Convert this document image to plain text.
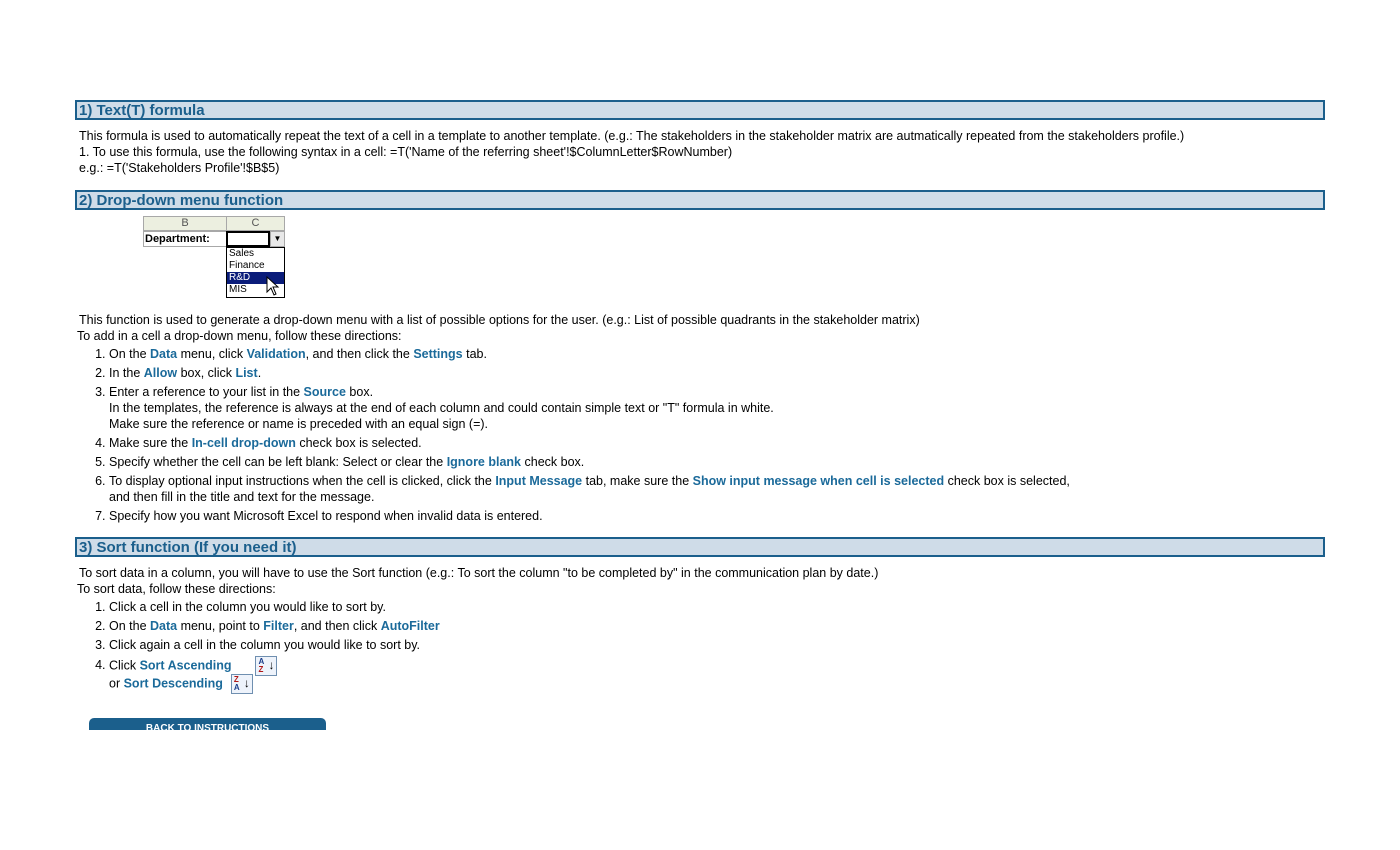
1) Text(T) formula
This formula is used to automatically repeat the text of a cell in a template to another template. (e.g.: The stakeholders in the stakeholder matrix are autmatically repeated from the stakeholders profile.)
1. To use this formula, use the following syntax in a cell: =T('Name of the referring sheet'!$ColumnLetter$RowNumber)
e.g.: =T('Stakeholders Profile'!$B$5)
2) Drop-down menu function
B	C
Department:	▼
Sales
Finance
R&D
MIS
This function is used to generate a drop-down menu with a list of possible options for the user. (e.g.: List of possible quadrants in the stakeholder matrix)
To add in a cell a drop-down menu, follow these directions:
1. On the Data menu, click Validation, and then click the Settings tab.
2. In the Allow box, click List.
3. Enter a reference to your list in the Source box.
In the templates, the reference is always at the end of each column and could contain simple text or "T" formula in white.
Make sure the reference or name is preceded with an equal sign (=).
4. Make sure the In-cell drop-down check box is selected.
5. Specify whether the cell can be left blank: Select or clear the Ignore blank check box.
6. To display optional input instructions when the cell is clicked, click the Input Message tab, make sure the Show input message when cell is selected check box is selected,
and then fill in the title and text for the message.
7. Specify how you want Microsoft Excel to respond when invalid data is entered.
3) Sort function (If you need it)
To sort data in a column, you will have to use the Sort function (e.g.: To sort the column "to be completed by" in the communication plan by date.)
To sort data, follow these directions:
1. Click a cell in the column you would like to sort by.
2. On the Data menu, point to Filter, and then click AutoFilter
3. Click again a cell in the column you would like to sort by.
4. Click Sort Ascending	A
Z ↓
or Sort Descending Z
A ↓
BACK TO INSTRUCTIONS
